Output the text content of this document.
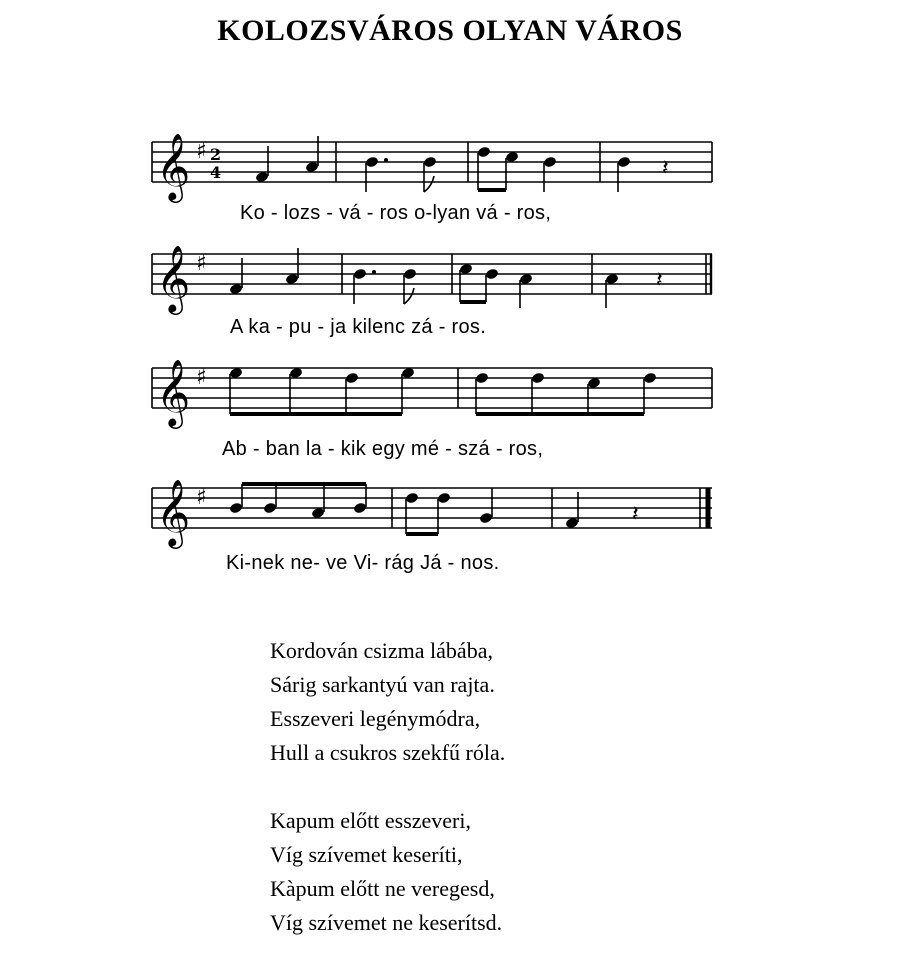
KOLOZSVÁROS OLYAN VÁROS
𝄞 ♯ 2
4	𝄽
Ko - lozs - vá - ros o-lyan vá - ros,
𝄞 ♯
𝄽
A ka - pu - ja kilenc zá - ros.
𝄞 ♯
Ab - ban la - kik egy mé - szá - ros,
𝄞 ♯
𝄽
Ki-nek ne- ve Vi- rág Já - nos.
Kordován csizma lábába,
Sárig sarkantyú van rajta.
Esszeveri legénymódra,
Hull a csukros szekfű róla.
Kapum előtt esszeveri,
Víg szívemet keseríti,
Kàpum előtt ne veregesd,
Víg szívemet ne keserítsd.
